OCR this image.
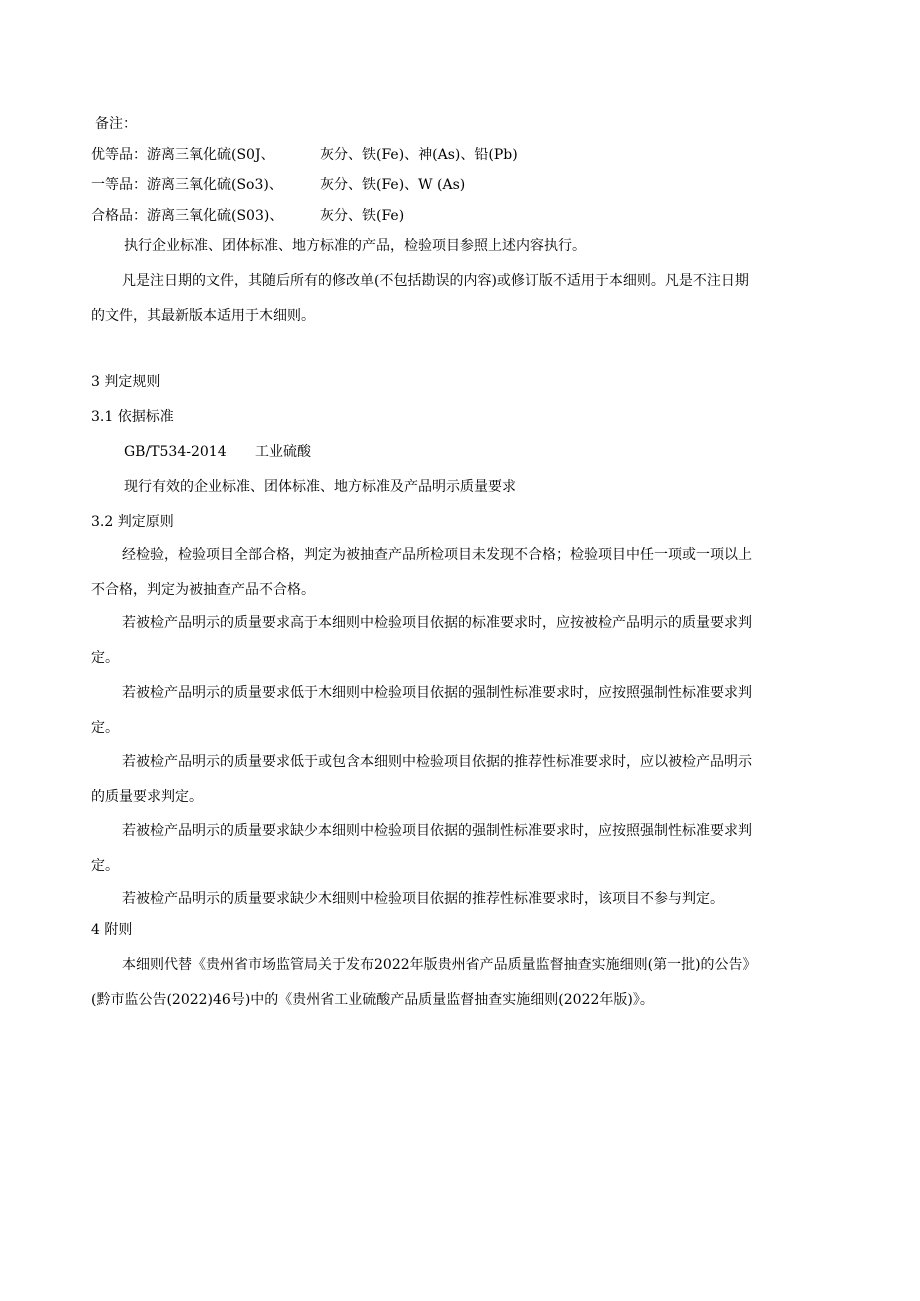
备注：
优等品：游离三氧化硫(S0J、	灰分、铁(Fe)、神(As)、铅(Pb)
一等品：游离三氧化硫(So3)、	灰分、铁(Fe)、W (As)
合格品：游离三氧化硫(S03)、	灰分、铁(Fe)
执行企业标准、团体标准、地方标准的产品，检验项目参照上述内容执行。
凡是注日期的文件，其随后所有的修改单(不包括勘误的内容)或修订版不适用于本细则。凡是不注日期
的文件，其最新版本适用于木细则。
3 判定规则
3.1 依据标准
GB/T534-2014 工业硫酸
现行有效的企业标准、团体标准、地方标准及产品明示质量要求
3.2 判定原则
经检验，检验项目全部合格，判定为被抽查产品所检项目未发现不合格；检验项目中任一项或一项以上
不合格，判定为被抽查产品不合格。
若被检产品明示的质量要求高于本细则中检验项目依据的标准要求时，应按被检产品明示的质量要求判
定。
若被检产品明示的质量要求低于木细则中检验项目依据的强制性标准要求时，应按照强制性标准要求判
定。
若被检产品明示的质量要求低于或包含本细则中检验项目依据的推荐性标准要求时，应以被检产品明示
的质量要求判定。
若被检产品明示的质量要求缺少本细则中检验项目依据的强制性标准要求时，应按照强制性标准要求判
定。
若被检产品明示的质量要求缺少木细则中检验项目依据的推荐性标准要求时，该项目不参与判定。
4 附则
本细则代替《贵州省市场监管局关于发布2022年版贵州省产品质量监督抽查实施细则(第一批)的公告》
(黔市监公告(2022)46号)中的《贵州省工业硫酸产品质量监督抽查实施细则(2022年版)》。
